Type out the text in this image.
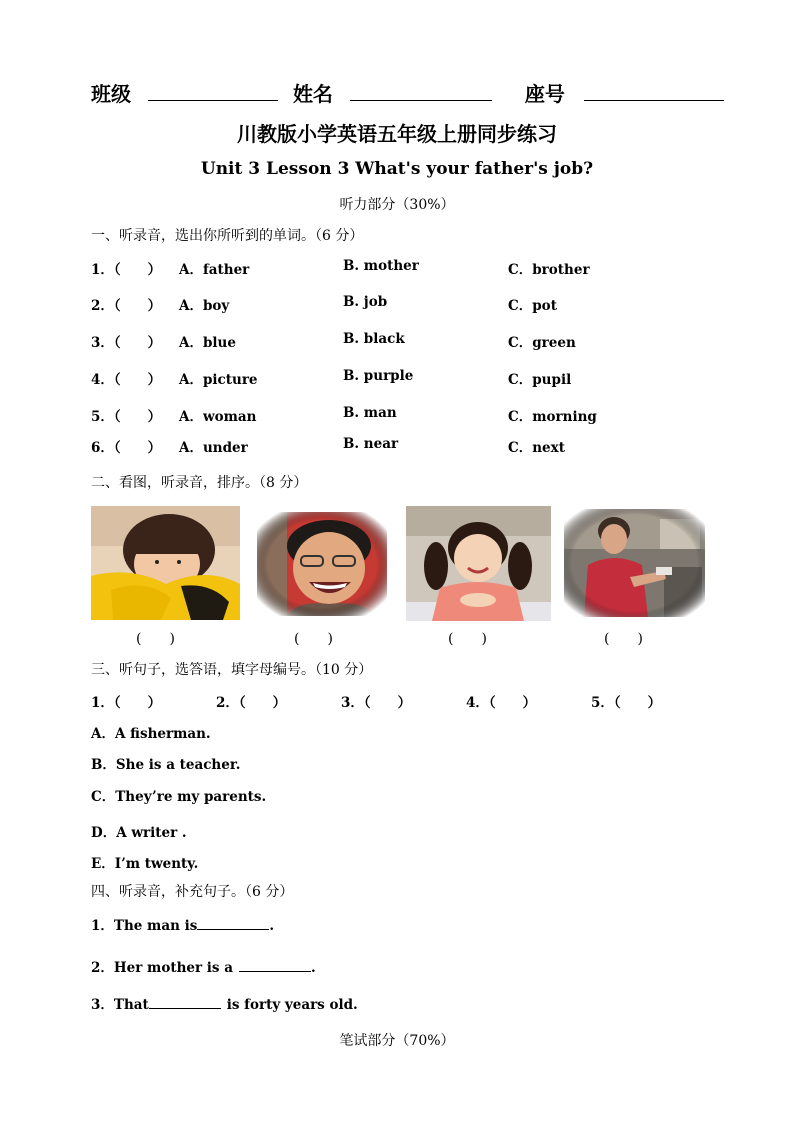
班级	姓名	座号
川教版小学英语五年级上册同步练习
Unit 3 Lesson 3 What's your father's job?
听力部分（30%）
一、听录音，选出你所听到的单词。（6 分）
1．（　　） A．father	B. mother	C．brother
2．（　　） A．boy	B. job	C．pot
3．（　　） A．blue	B. black	C．green
4．（　　） A．picture	B. purple	C．pupil
5．（　　） A．woman	B. man	C．morning
6．（　　） A．under	B. near	C．next
二、看图，听录音，排序。（8 分）
(　　)	(　　)	(　　)	(　　)
三、听句子，选答语，填字母编号。（10 分）
1．（　　）	2．（　　）	3．（　　）	4．（　　）	5．（　　）
A．A fisherman.
B．She is a teacher.
C．They’re my parents.
D．A writer .
E．I’m twenty.
四、听录音，补充句子。（6 分）
1．The man is	.
2．Her mother is a	.
3．That	is forty years old.
笔试部分（70%）
